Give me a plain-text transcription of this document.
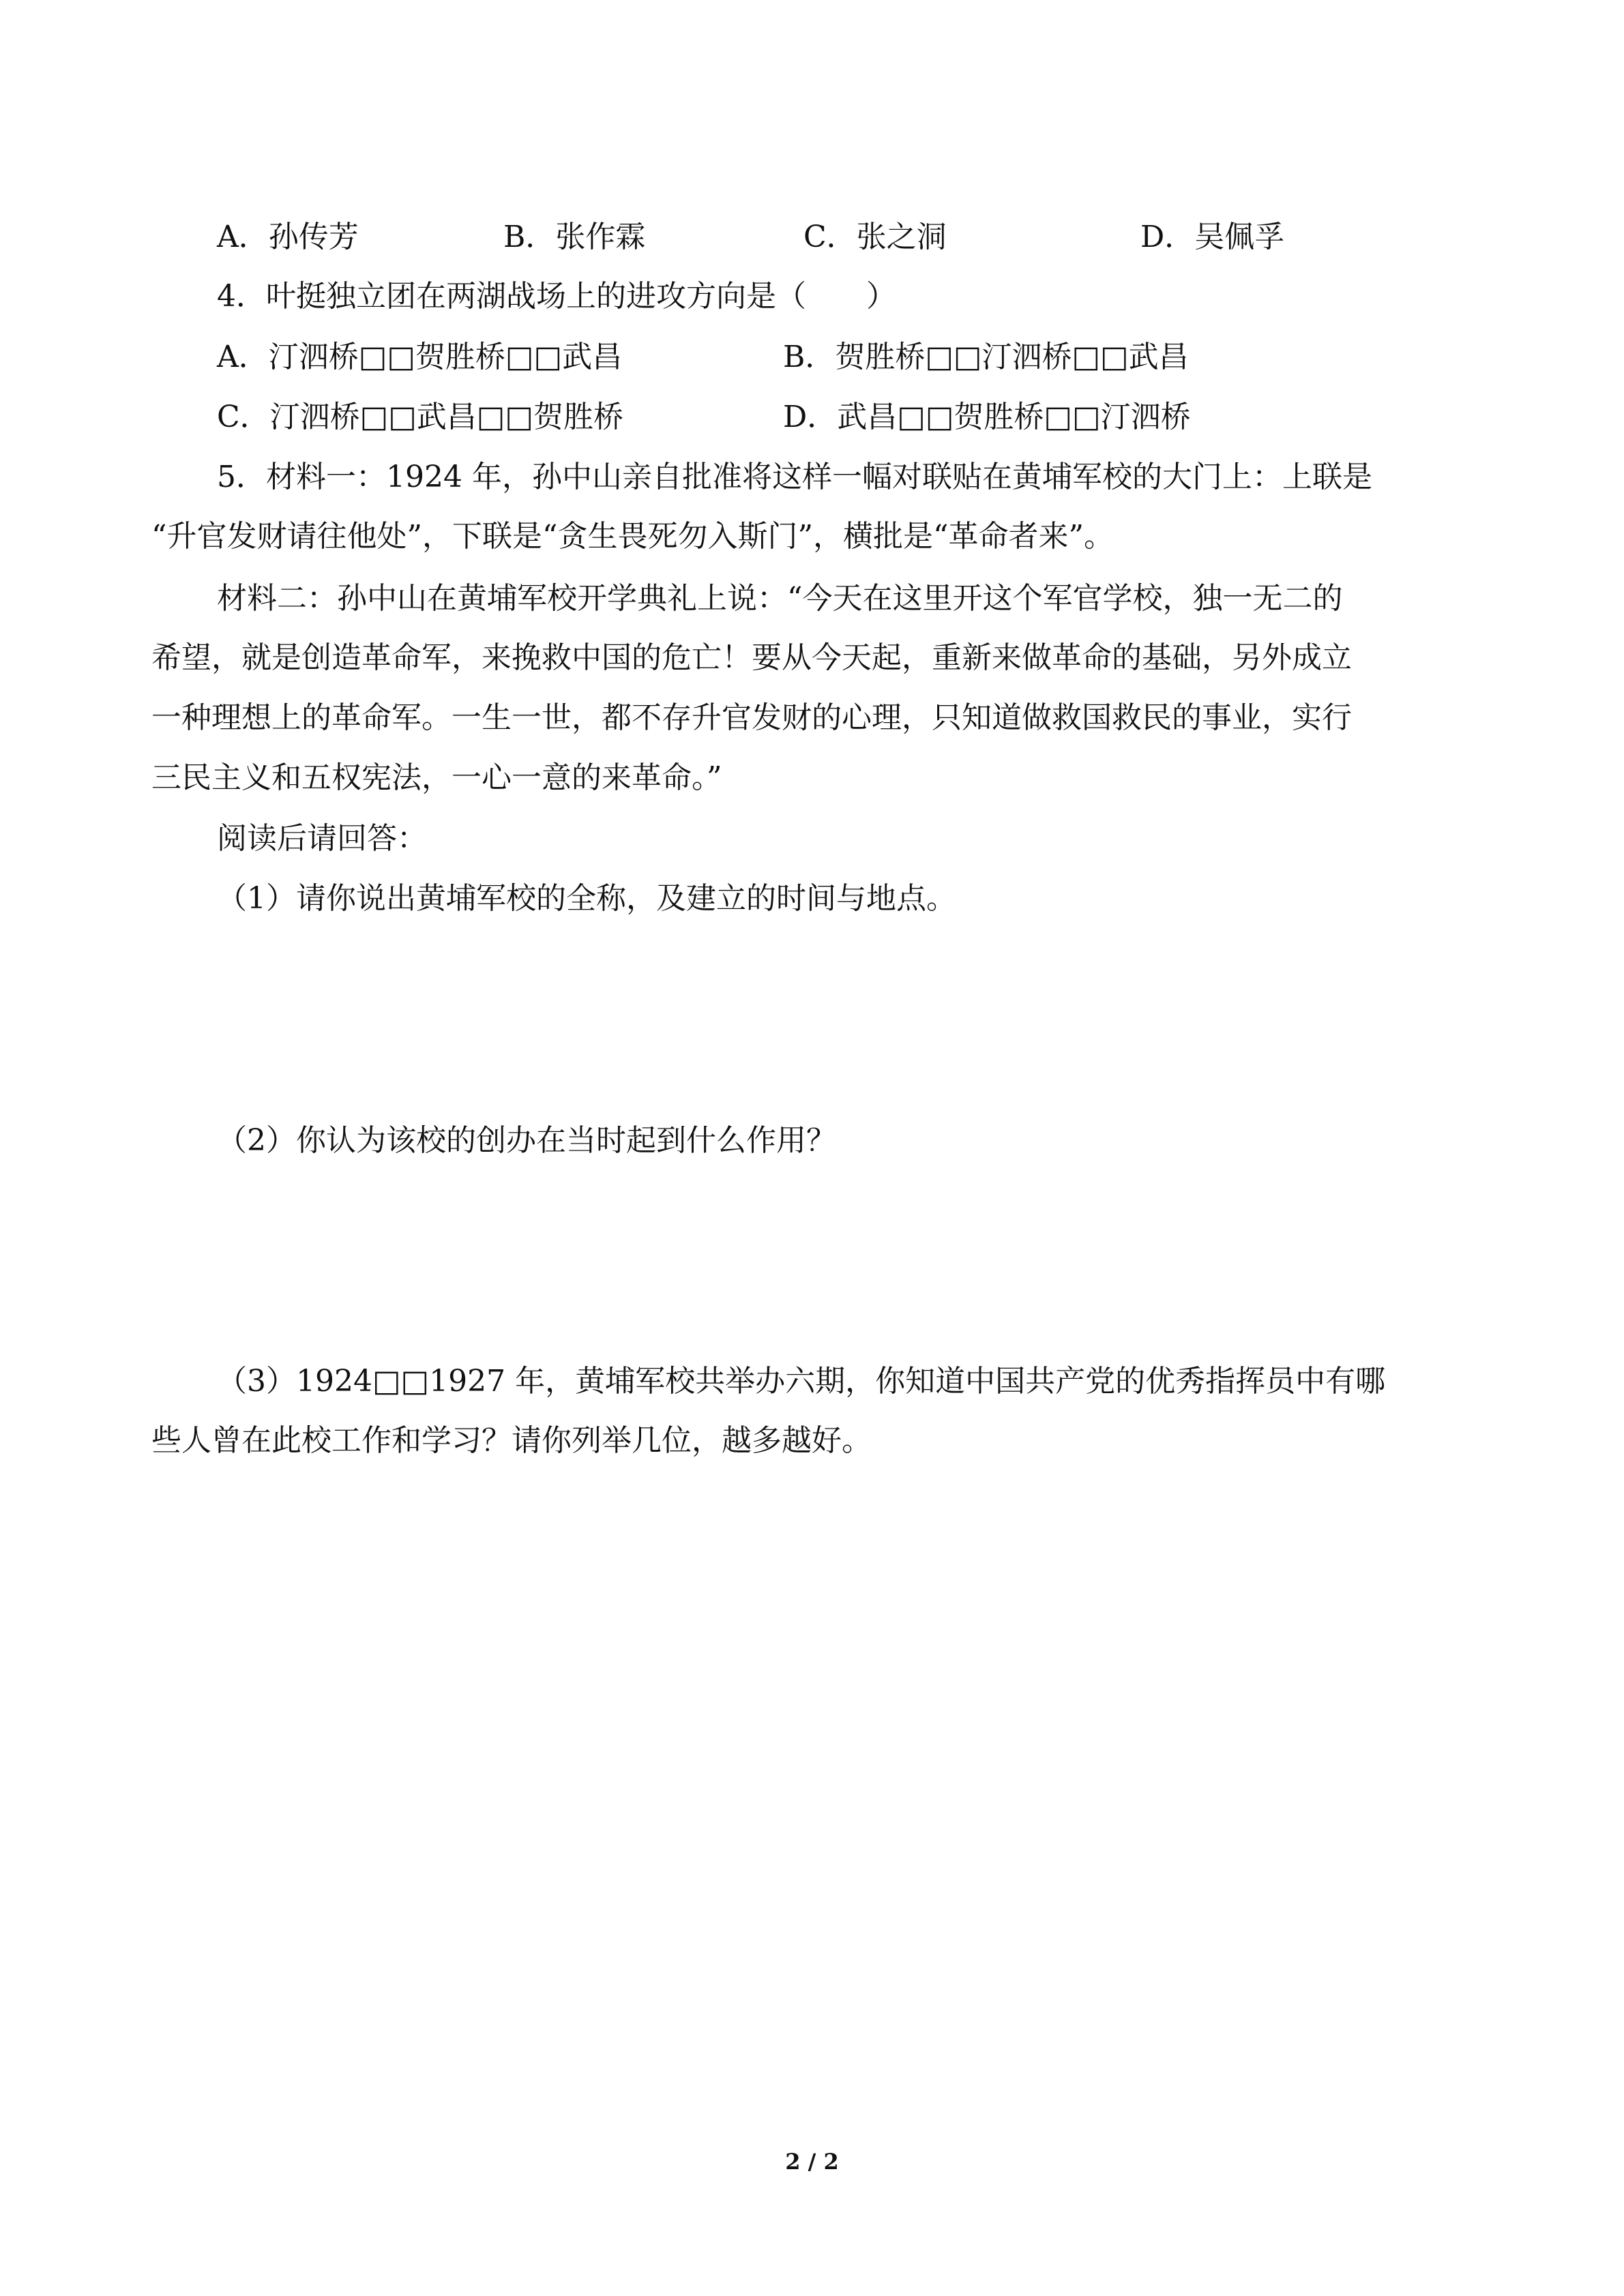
A．孙传芳	B．张作霖	C．张之洞	D．吴佩孚
4．叶挺独立团在两湖战场上的进攻方向是（　　）
A．汀泗桥□□贺胜桥□□武昌	B．贺胜桥□□汀泗桥□□武昌
C．汀泗桥□□武昌□□贺胜桥	D．武昌□□贺胜桥□□汀泗桥
5．材料一：1924 年，孙中山亲自批准将这样一幅对联贴在黄埔军校的大门上：上联是
“升官发财请往他处”，下联是“贪生畏死勿入斯门”，横批是“革命者来”。
材料二：孙中山在黄埔军校开学典礼上说：“今天在这里开这个军官学校，独一无二的
希望，就是创造革命军，来挽救中国的危亡！要从今天起，重新来做革命的基础，另外成立
一种理想上的革命军。一生一世，都不存升官发财的心理，只知道做救国救民的事业，实行
三民主义和五权宪法，一心一意的来革命。”
阅读后请回答：
（1）请你说出黄埔军校的全称，及建立的时间与地点。
（2）你认为该校的创办在当时起到什么作用？
（3）1924□□1927 年，黄埔军校共举办六期，你知道中国共产党的优秀指挥员中有哪
些人曾在此校工作和学习？请你列举几位，越多越好。
2 / 2
